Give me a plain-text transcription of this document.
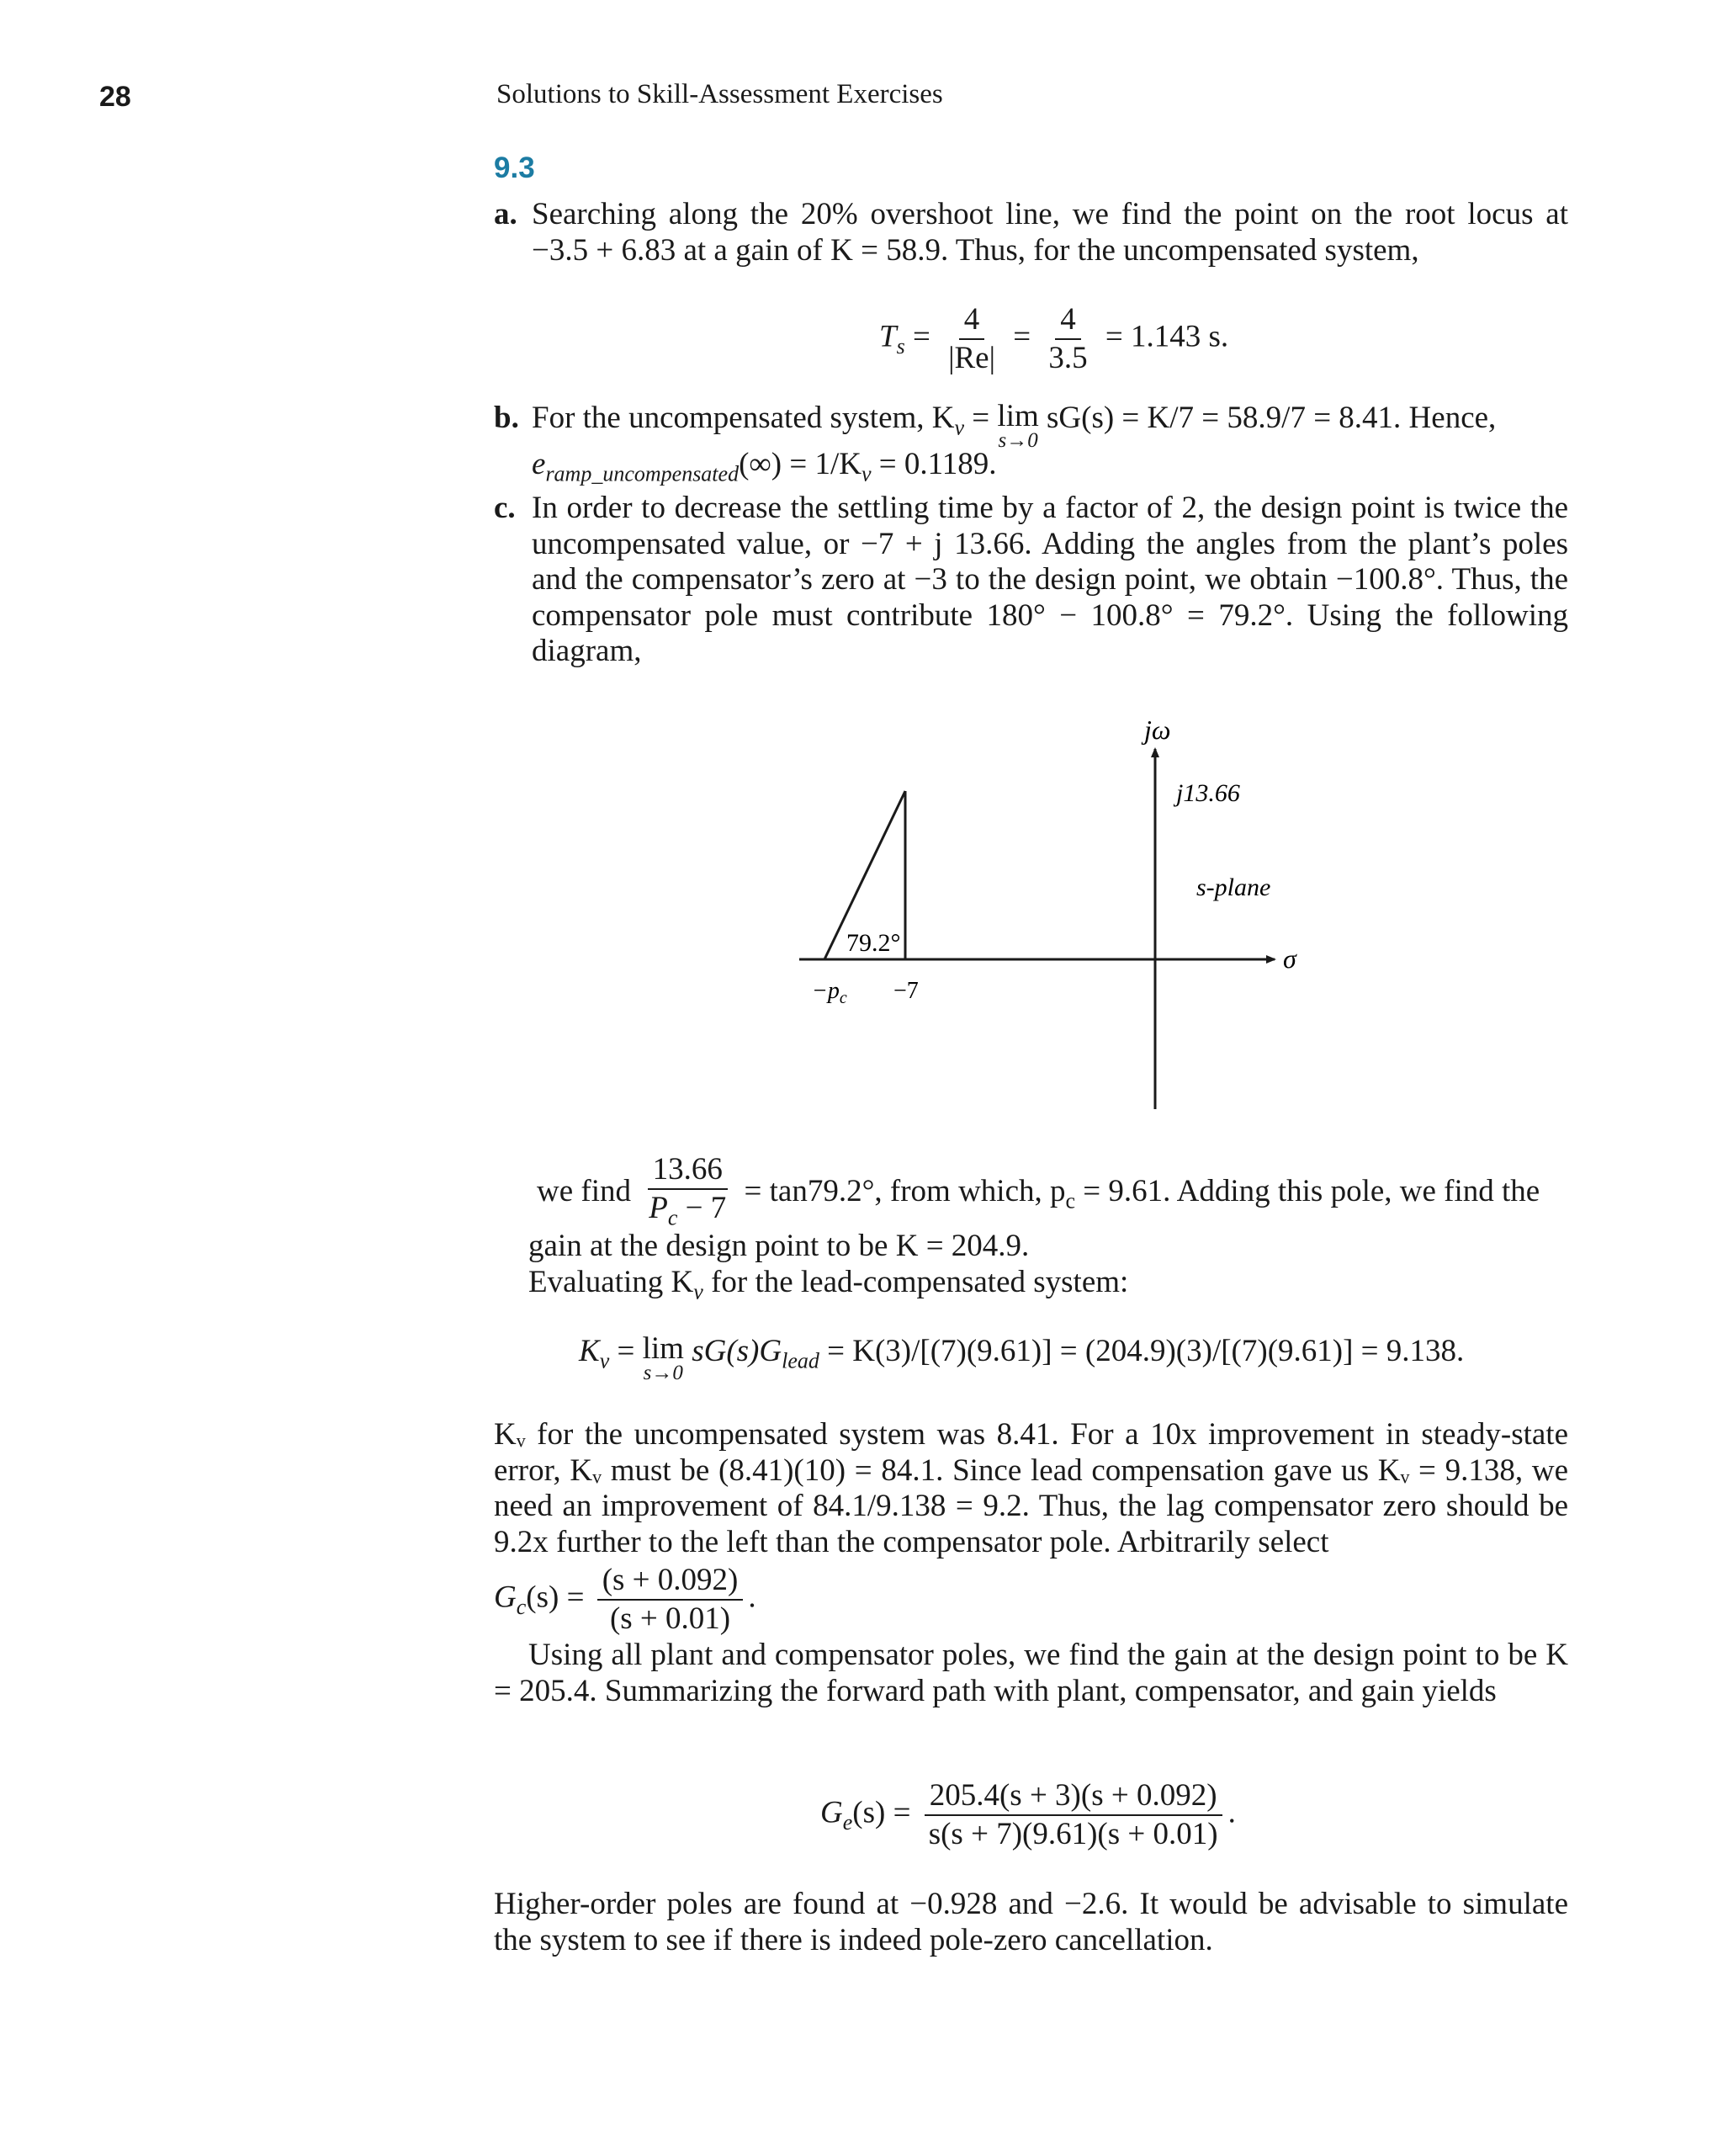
28	Solutions to Skill-Assessment Exercises
9.3
a. Searching along the 20% overshoot line, we find the point on the root locus at
−3.5 + 6.83 at a gain of K = 58.9. Thus, for the uncompensated system,
$T_s = \frac{4}{|Re|} = \frac{4}{3.5} = 1.143$ s.
b. For the uncompensated system, $K_v = \lim$
s→0
sG(s) = K/7 = 58.9/7 = 8.41. Hence,
$e_{ramp\_uncompensated}(\infty) = 1/K_v = 0.1189$.
c. In order to decrease the settling time by a factor of 2, the design point is twice the uncompensated value, or −7 + j 13.66. Adding the angles from the plant’s poles and the compensator’s zero at −3 to the design point, we obtain −100.8°. Thus, the compensator pole must contribute 180° − 100.8° = 79.2°. Using the following diagram,
jω
j13.66
s-plane
σ
79.2°
$-p_c -7$
we find $\frac{13.66}{P_c - 7} = \tan 79.2^\circ$, from which, $p_c = 9.61$. Adding this pole, we find the
gain at the design point to be K = 204.9.
Evaluating $K_v$ for the lead-compensated system:
$K_v = \lim$
s→0
$sG(s)G_{lead} = K(3)/[(7)(9.61)] = (204.9)(3)/[(7)(9.61)] = 9.138$.
Kᵥ for the uncompensated system was 8.41. For a 10x improvement in steady-state error, Kᵥ must be (8.41)(10) = 84.1. Since lead compensation gave us Kᵥ = 9.138, we need an improvement of 84.1/9.138 = 9.2. Thus, the lag compensator zero should be 9.2x further to the left than the compensator pole. Arbitrarily select
$G_c(s) = \frac{(s + 0.092)}{(s + 0.01)}$ .
Using all plant and compensator poles, we find the gain at the design point to be K = 205.4. Summarizing the forward path with plant, compensator, and gain yields
$G_e(s) = \frac{205.4(s + 3)(s + 0.092)}{s(s + 7)(9.61)(s + 0.01)}$ .
Higher-order poles are found at −0.928 and −2.6. It would be advisable to simulate the system to see if there is indeed pole-zero cancellation.
